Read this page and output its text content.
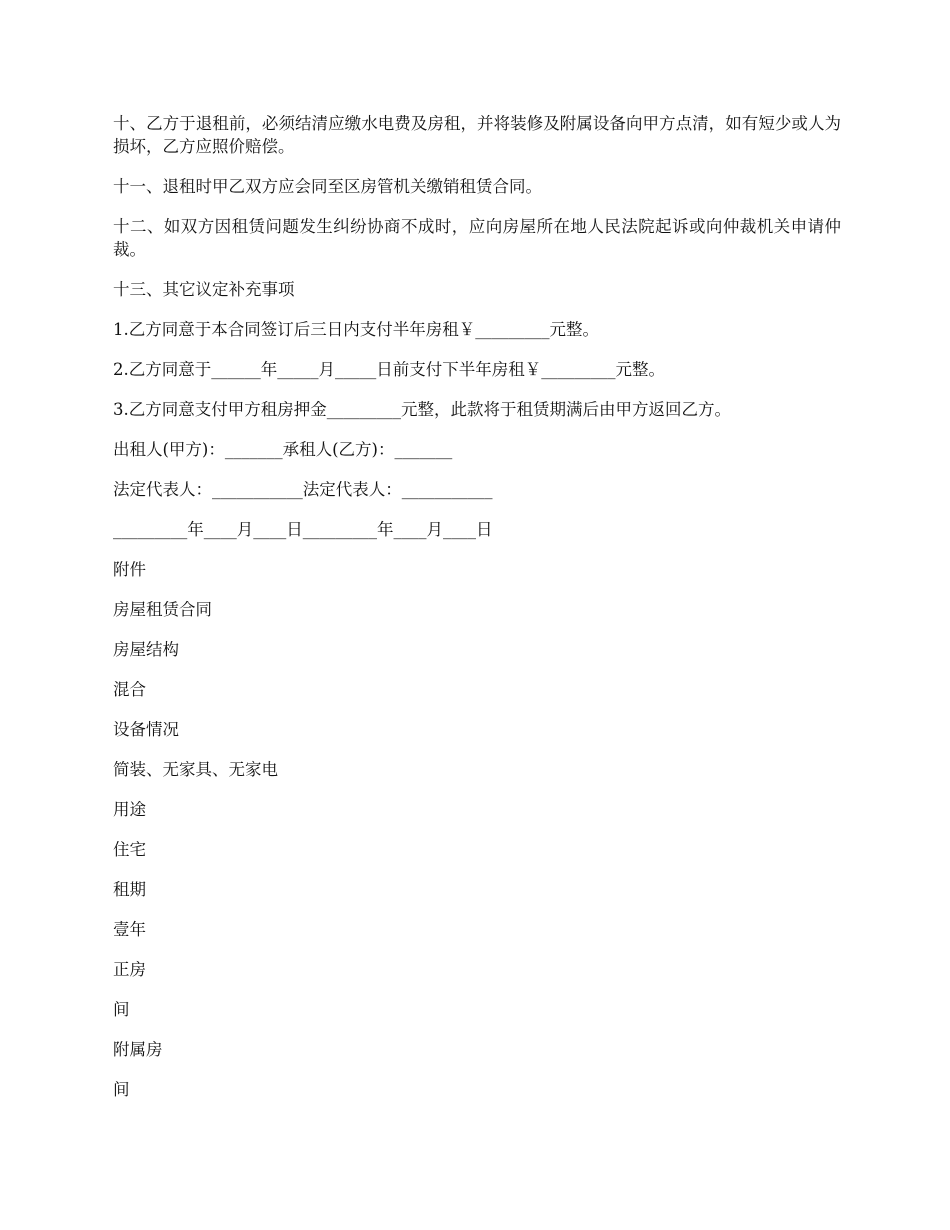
十、乙方于退租前，必须结清应缴水电费及房租，并将装修及附属设备向甲方点清，如有短少或人为损坏，乙方应照价赔偿。

十一、退租时甲乙双方应会同至区房管机关缴销租赁合同。

十二、如双方因租赁问题发生纠纷协商不成时，应向房屋所在地人民法院起诉或向仲裁机关申请仲裁。

十三、其它议定补充事项

1.乙方同意于本合同签订后三日内支付半年房租￥_________元整。

2.乙方同意于______年_____月_____日前支付下半年房租￥_________元整。

3.乙方同意支付甲方租房押金_________元整，此款将于租赁期满后由甲方返回乙方。

出租人(甲方)：_______承租人(乙方)：_______

法定代表人：___________法定代表人：___________

_________年____月____日_________年____月____日

附件

房屋租赁合同

房屋结构

混合

设备情况

简装、无家具、无家电

用途

住宅

租期

壹年

正房

间

附属房

间
